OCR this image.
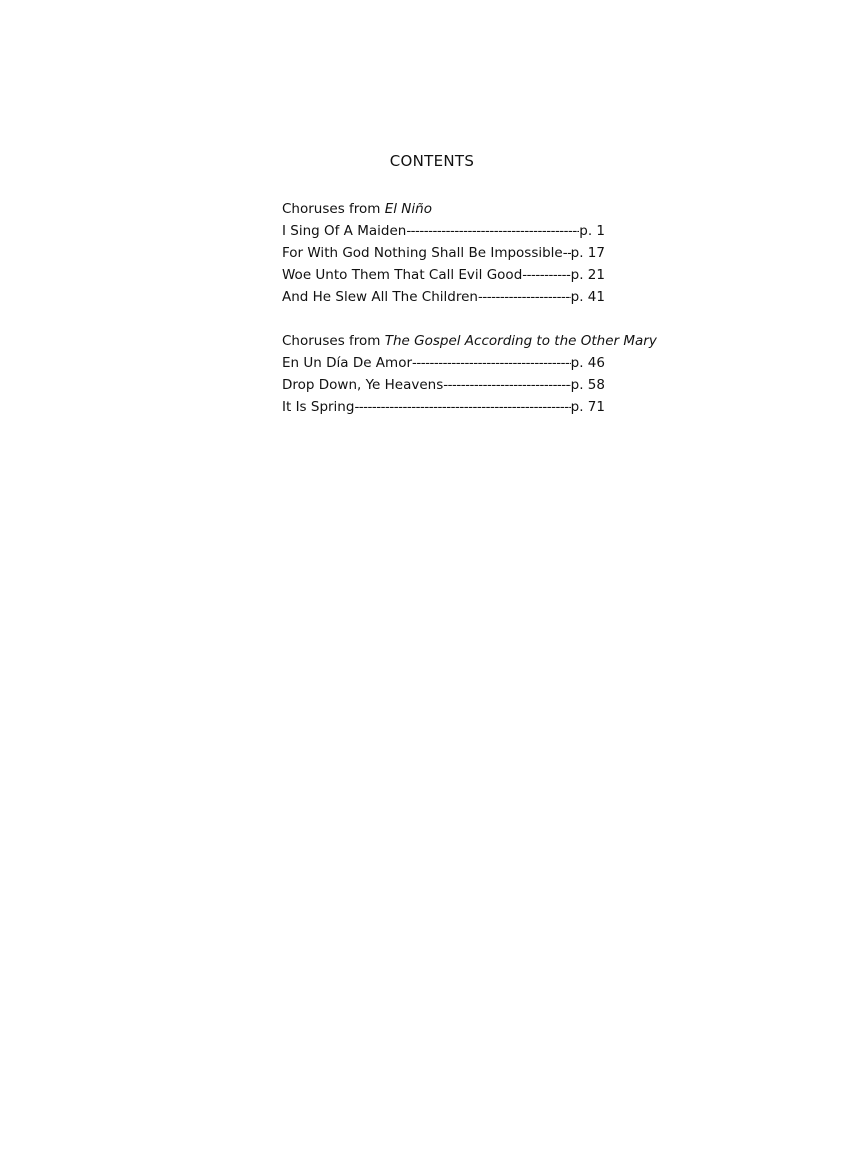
CONTENTS
Choruses from El Niño
I Sing Of A Maiden -----	p. 1
For With God Nothing Shall Be Impossible ----- p. 17
Woe Unto Them That Call Evil Good -----	p. 21
And He Slew All The Children -----	p. 41
Choruses from The Gospel According to the Other Mary
En Un Día De Amor -----	p. 46
Drop Down, Ye Heavens -----	p. 58
It Is Spring -----	p. 71
